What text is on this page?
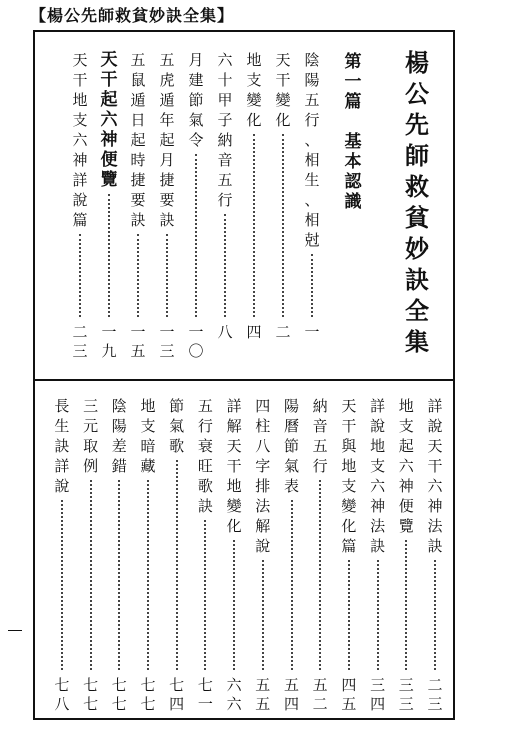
【楊公先師救貧妙訣全集】
楊
公
先
師
救
貧
妙
訣
全
集
第
一
篇
基
本
認
識
陰
陽
五
行
、
相
生
、
相
尅
一
天
干
變
化
二
地
支
變
化
四
六
十
甲
子
納
音
五
行
八
月
建
節
氣
令
一
〇
五
虎
遁
年
起
月
捷
要
訣
一
三
五
鼠
遁
日
起
時
捷
要
訣
一
五
天
干
起
六
神
便
覽
一
九
天
干
地
支
六
神
詳
說
篇
二
三
詳
說
天
干
六
神
法
訣
二
三
地
支
起
六
神
便
覽
三
三
詳
說
地
支
六
神
法
訣
三
四
天
干
與
地
支
變
化
篇
四
五
納
音
五
行
五
二
陽
曆
節
氣
表
五
四
四
柱
八
字
排
法
解
說
五
五
詳
解
天
干
地
變
化
六
六
五
行
衰
旺
歌
訣
七
一
節
氣
歌
七
四
地
支
暗
藏
七
七
陰
陽
差
錯
七
七
三
元
取
例
七
七
長
生
訣
詳
說
七
八
